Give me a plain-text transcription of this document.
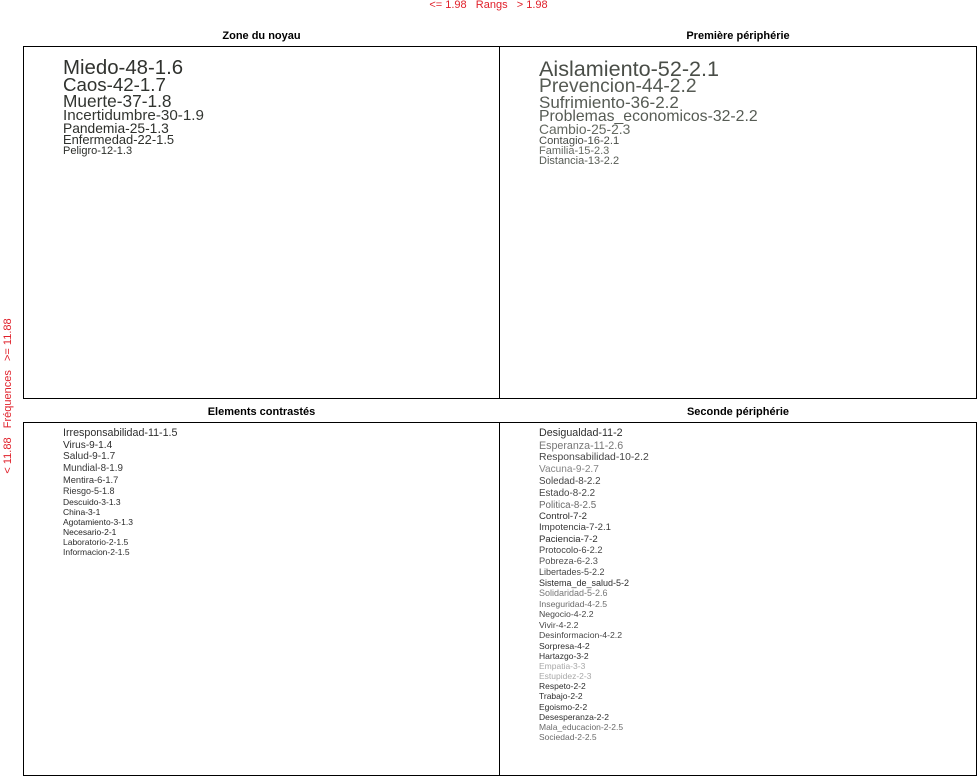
<= 1.98   Rangs   > 1.98
< 11.88   Fréquences   >= 11.88
Zone du noyau	Première périphérie
Elements contrastés	Seconde périphérie
Miedo-48-1.6
Caos-42-1.7
Muerte-37-1.8
Incertidumbre-30-1.9
Pandemia-25-1.3
Enfermedad-22-1.5
Peligro-12-1.3
Aislamiento-52-2.1
Prevencion-44-2.2
Sufrimiento-36-2.2
Problemas_economicos-32-2.2
Cambio-25-2.3
Contagio-16-2.1
Familia-15-2.3
Distancia-13-2.2
Irresponsabilidad-11-1.5
Virus-9-1.4
Salud-9-1.7
Mundial-8-1.9
Mentira-6-1.7
Riesgo-5-1.8
Descuido-3-1.3
China-3-1
Agotamiento-3-1.3
Necesario-2-1
Laboratorio-2-1.5
Informacion-2-1.5
Desigualdad-11-2
Esperanza-11-2.6
Responsabilidad-10-2.2
Vacuna-9-2.7
Soledad-8-2.2
Estado-8-2.2
Politica-8-2.5
Control-7-2
Impotencia-7-2.1
Paciencia-7-2
Protocolo-6-2.2
Pobreza-6-2.3
Libertades-5-2.2
Sistema_de_salud-5-2
Solidaridad-5-2.6
Inseguridad-4-2.5
Negocio-4-2.2
Vivir-4-2.2
Desinformacion-4-2.2
Sorpresa-4-2
Hartazgo-3-2
Empatia-3-3
Estupidez-2-3
Respeto-2-2
Trabajo-2-2
Egoismo-2-2
Desesperanza-2-2
Mala_educacion-2-2.5
Sociedad-2-2.5
